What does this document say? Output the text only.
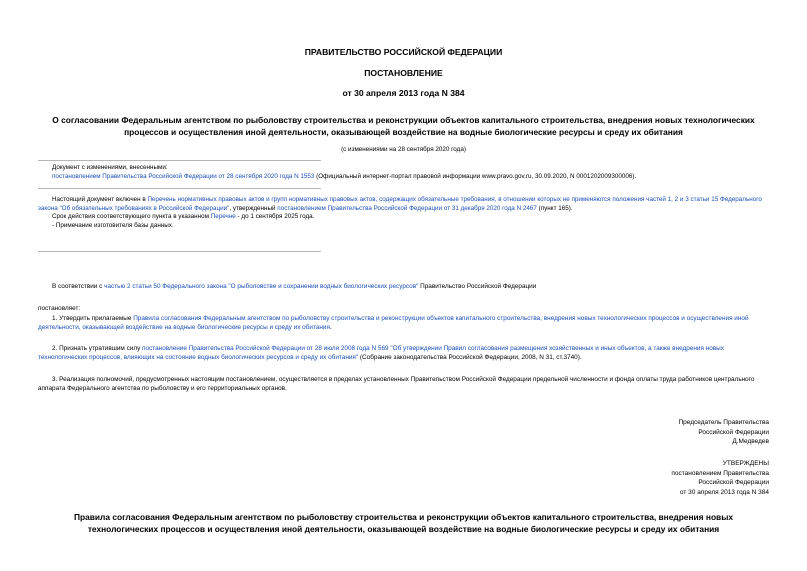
ПРАВИТЕЛЬСТВО РОССИЙСКОЙ ФЕДЕРАЦИИ

ПОСТАНОВЛЕНИЕ

от 30 апреля 2013 года N 384

О согласовании Федеральным агентством по рыболовству строительства и реконструкции объектов капитального строительства, внедрения новых технологических процессов и осуществления иной деятельности, оказывающей воздействие на водные биологические ресурсы и среду их обитания

(с изменениями на 28 сентября 2020 года)

Документ с изменениями, внесенными:
постановлением Правительства Российской Федерации от 28 сентября 2020 года N 1553 (Официальный интернет-портал правовой информации www.pravo.gov.ru, 30.09.2020, N 0001202009300006).
Настоящий документ включен в Перечень нормативных правовых актов и групп нормативных правовых актов, содержащих обязательные требования, в отношении которых не применяются положения частей 1, 2 и 3 статьи 15 Федерального закона "Об обязательных требованиях в Российской Федерации", утвержденный постановлением Правительства Российской Федерации от 31 декабря 2020 года N 2467 (пункт 165).
Срок действия соответствующего пункта в указанном Перечне - до 1 сентября 2025 года.
- Примечание изготовителя базы данных.
В соответствии с частью 2 статьи 50 Федерального закона "О рыболовстве и сохранении водных биологических ресурсов" Правительство Российской Федерации

постановляет:

1. Утвердить прилагаемые Правила согласования Федеральным агентством по рыболовству строительства и реконструкции объектов капитального строительства, внедрения новых технологических процессов и осуществления иной деятельности, оказывающей воздействие на водные биологические ресурсы и среду их обитания.
2. Признать утратившим силу постановление Правительства Российской Федерации от 28 июля 2008 года N 569 "Об утверждении Правил согласования размещения хозяйственных и иных объектов, а также внедрения новых технологических процессов, влияющих на состояние водных биологических ресурсов и среду их обитания" (Собрание законодательства Российской Федерации, 2008, N 31, ст.3740).
3. Реализация полномочий, предусмотренных настоящим постановлением, осуществляется в пределах установленных Правительством Российской Федерации предельной численности и фонда оплаты труда работников центрального аппарата Федерального агентства по рыболовству и его территориальных органов.
Председатель Правительства
Российской Федерации
Д.Медведев
УТВЕРЖДЕНЫ
постановлением Правительства
Российской Федерации
от 30 апреля 2013 года N 384

Правила согласования Федеральным агентством по рыболовству строительства и реконструкции объектов капитального строительства, внедрения новых технологических процессов и осуществления иной деятельности, оказывающей воздействие на водные биологические ресурсы и среду их обитания
